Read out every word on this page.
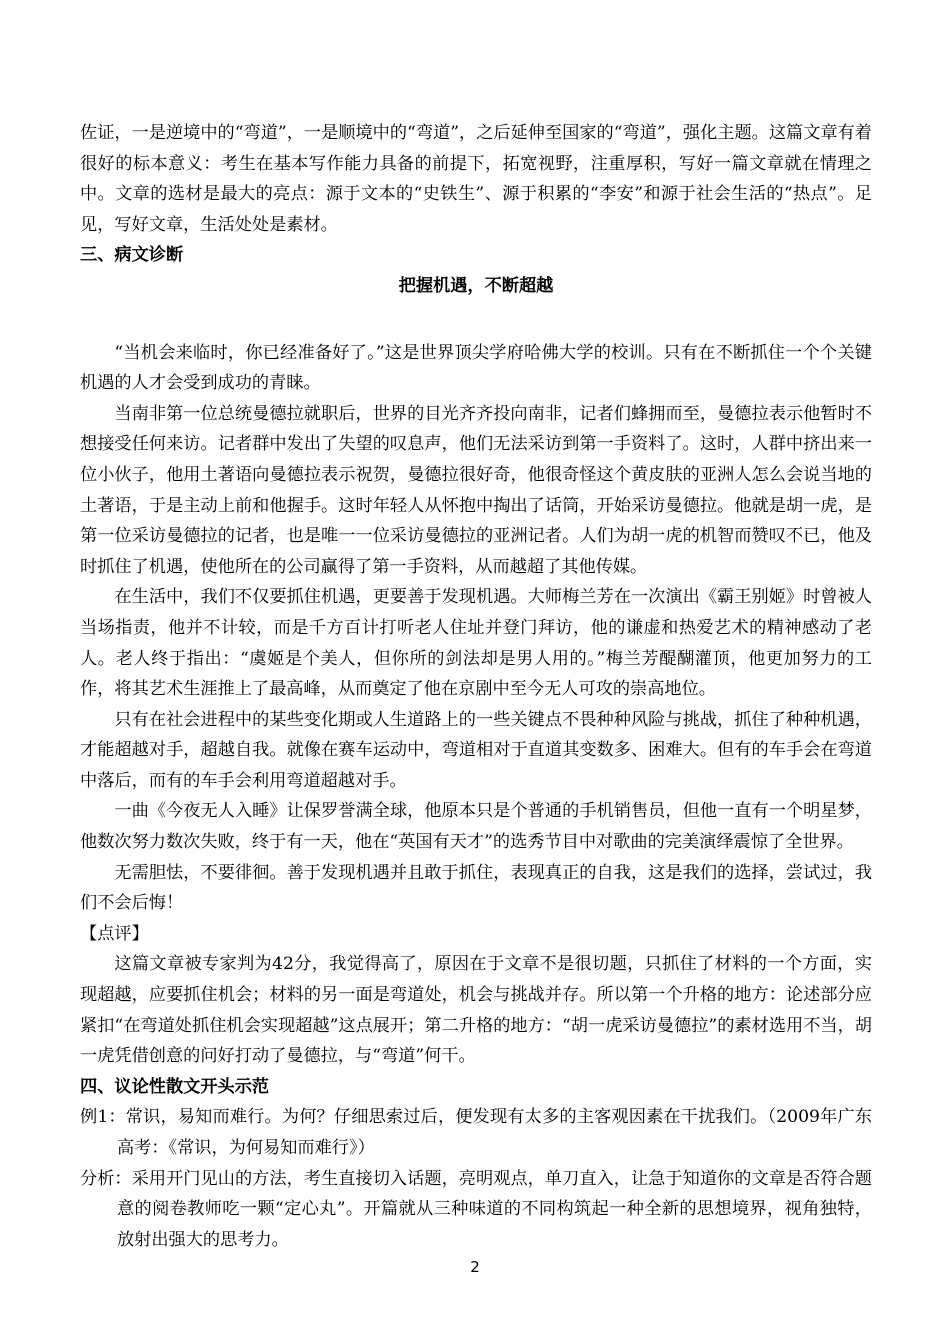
佐证，一是逆境中的“弯道”，一是顺境中的“弯道”，之后延伸至国家的“弯道”，强化主题。这篇文章有着很好的标本意义：考生在基本写作能力具备的前提下，拓宽视野，注重厚积，写好一篇文章就在情理之中。文章的选材是最大的亮点：源于文本的“史铁生”、源于积累的“李安”和源于社会生活的“热点”。足见，写好文章，生活处处是素材。

三、病文诊断

把握机遇，不断超越

“当机会来临时，你已经准备好了。”这是世界顶尖学府哈佛大学的校训。只有在不断抓住一个个关键机遇的人才会受到成功的青睐。

当南非第一位总统曼德拉就职后，世界的目光齐齐投向南非，记者们蜂拥而至，曼德拉表示他暂时不想接受任何来访。记者群中发出了失望的叹息声，他们无法采访到第一手资料了。这时，人群中挤出来一位小伙子，他用土著语向曼德拉表示祝贺，曼德拉很好奇，他很奇怪这个黄皮肤的亚洲人怎么会说当地的土著语，于是主动上前和他握手。这时年轻人从怀抱中掏出了话筒，开始采访曼德拉。他就是胡一虎，是第一位采访曼德拉的记者，也是唯一一位采访曼德拉的亚洲记者。人们为胡一虎的机智而赞叹不已，他及时抓住了机遇，使他所在的公司赢得了第一手资料，从而越超了其他传媒。

在生活中，我们不仅要抓住机遇，更要善于发现机遇。大师梅兰芳在一次演出《霸王别姬》时曾被人当场指责，他并不计较，而是千方百计打听老人住址并登门拜访，他的谦虚和热爱艺术的精神感动了老人。老人终于指出：“虞姬是个美人，但你所的剑法却是男人用的。”梅兰芳醍醐灌顶，他更加努力的工作，将其艺术生涯推上了最高峰，从而奠定了他在京剧中至今无人可攻的崇高地位。

只有在社会进程中的某些变化期或人生道路上的一些关键点不畏种种风险与挑战，抓住了种种机遇，才能超越对手，超越自我。就像在赛车运动中，弯道相对于直道其变数多、困难大。但有的车手会在弯道中落后，而有的车手会利用弯道超越对手。

一曲《今夜无人入睡》让保罗誉满全球，他原本只是个普通的手机销售员，但他一直有一个明星梦，他数次努力数次失败，终于有一天，他在“英国有天才”的选秀节目中对歌曲的完美演绎震惊了全世界。

无需胆怯，不要徘徊。善于发现机遇并且敢于抓住，表现真正的自我，这是我们的选择，尝试过，我们不会后悔！

【点评】

这篇文章被专家判为42分，我觉得高了，原因在于文章不是很切题，只抓住了材料的一个方面，实现超越，应要抓住机会；材料的另一面是弯道处，机会与挑战并存。所以第一个升格的地方：论述部分应紧扣“在弯道处抓住机会实现超越”这点展开；第二升格的地方：“胡一虎采访曼德拉”的素材选用不当，胡一虎凭借创意的问好打动了曼德拉，与“弯道”何干。

四、议论性散文开头示范

例1：常识，易知而难行。为何？仔细思索过后，便发现有太多的主客观因素在干扰我们。（2009年广东高考：《常识，为何易知而难行》）

分析：采用开门见山的方法，考生直接切入话题，亮明观点，单刀直入，让急于知道你的文章是否符合题意的阅卷教师吃一颗“定心丸”。开篇就从三种味道的不同构筑起一种全新的思想境界，视角独特，放射出强大的思考力。

2
